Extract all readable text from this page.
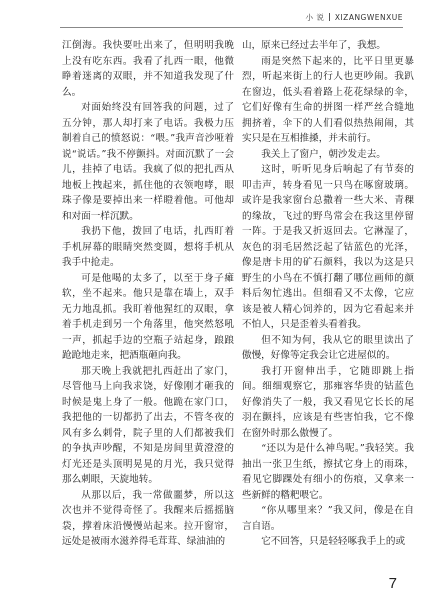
小 说 XIZANGWENXUE

江倒海。我快要吐出来了，但明明我晚上没有吃东西。我看了扎西一眼，他微睁着迷离的双眼，并不知道我发现了什么。

对面始终没有回答我的问题，过了五分钟，那人却打来了电话。我极力压制着自己的愤怒说：“喂。”我声音沙哑着说“说话。”我不停颤抖。对面沉默了一会儿，挂掉了电话。我疯了似的把扎西从地板上拽起来，抓住他的衣领咆哮，眼珠子像是要掉出来一样瞪着他。可他却和对面一样沉默。

我扔下他，拨回了电话，扎西盯着手机屏幕的眼睛突然变圆，想将手机从我手中抢走。

可是他喝的太多了，以至于身子瘫软，坐不起来。他只是靠在墙上，双手无力地乱抓。我盯着他猩红的双眼，拿着手机走到另一个角落里，他突然怒吼一声，抓起手边的空瓶子站起身，踉踉跄跄地走来，把酒瓶砸向我。

那天晚上我就把扎西赶出了家门，尽管他马上向我求饶，好像刚才砸我的时候是鬼上身了一般。他跪在家门口，我把他的一切都扔了出去，不管冬夜的风有多么刺骨，院子里的人们都被我们的争执声吵醒，不知是房间里黄澄澄的灯光还是头顶明晃晃的月光，我只觉得那么刺眼，天旋地转。

从那以后，我一常做噩梦，所以这次也并不觉得奇怪了。我醒来后摇摇脑袋，撑着床沿慢慢站起来。拉开窗帘，远处是被雨水滋养得毛茸茸、绿油油的

山，原来已经过去半年了，我想。

雨是突然下起来的，比平日里更暴烈，听起来街上的行人也更吵闹。我趴在窗边，低头看着路上花花绿绿的伞，它们好像有生命的拼图一样严丝合缝地拥挤着，伞下的人们看似热热闹闹，其实只是在互相推搡，并未前行。

我关上了窗户，朝沙发走去。

这时，听听见身后响起了有节奏的叩击声，转身看见一只鸟在啄窗玻璃。或许是我家窗台总撒着一些大米、青稞的缘故，飞过的野鸟常会在我这里停留一阵。于是我又折返回去。它淋湿了，灰色的羽毛居然泛起了钴蓝色的光泽，像是唐卡用的矿石颜料，我以为这是只野生的小鸟在不慎打翻了哪位画师的颜料后匆忙逃出。但细看又不太像，它应该是被人精心饲养的，因为它看起来并不怕人，只是歪着头看着我。

但不知为何，我从它的眼里读出了傲慢，好像等定我会让它进屋似的。

我打开窗伸出手，它随即跳上指间。细细观察它，那雍容华贵的钴蓝色好像消失了一般，我又看见它长长的尾羽在颤抖，应该是有些害怕我，它不像在窗外时那么傲慢了。

“还以为是什么神鸟呢。”我轻笑。我抽出一张卫生纸，擦拭它身上的雨珠，看见它脚踝处有细小的伤痕，又拿来一些新鲜的糌粑喂它。

“你从哪里来？”我又问，像是在自言自语。

它不回答，只是轻轻啄我手上的或

7
